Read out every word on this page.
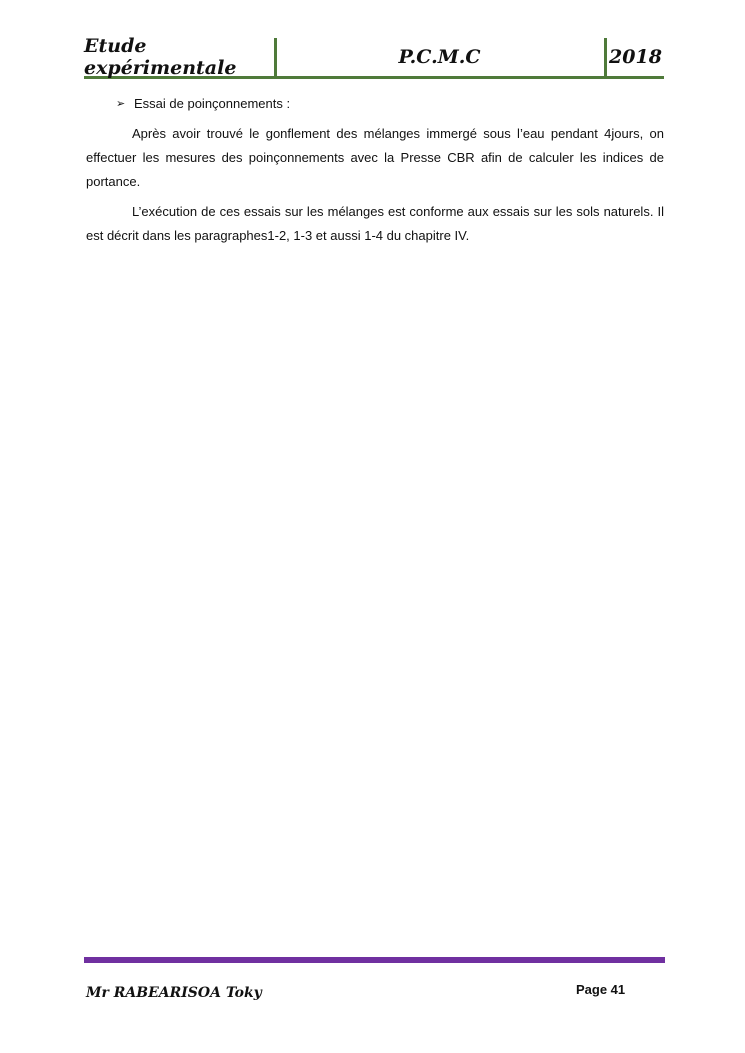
Etude expérimentale	P.C.M.C	2018
➢ Essai de poinçonnements :

Après avoir trouvé le gonflement des mélanges immergé sous l’eau pendant 4jours, on effectuer les mesures des poinçonnements avec la Presse CBR afin de calculer les indices de portance.

L’exécution de ces essais sur les mélanges est conforme aux essais sur les sols naturels. Il est décrit dans les paragraphes1-2, 1-3 et aussi 1-4 du chapitre IV.

Mr RABEARISOA Toky	Page 41
